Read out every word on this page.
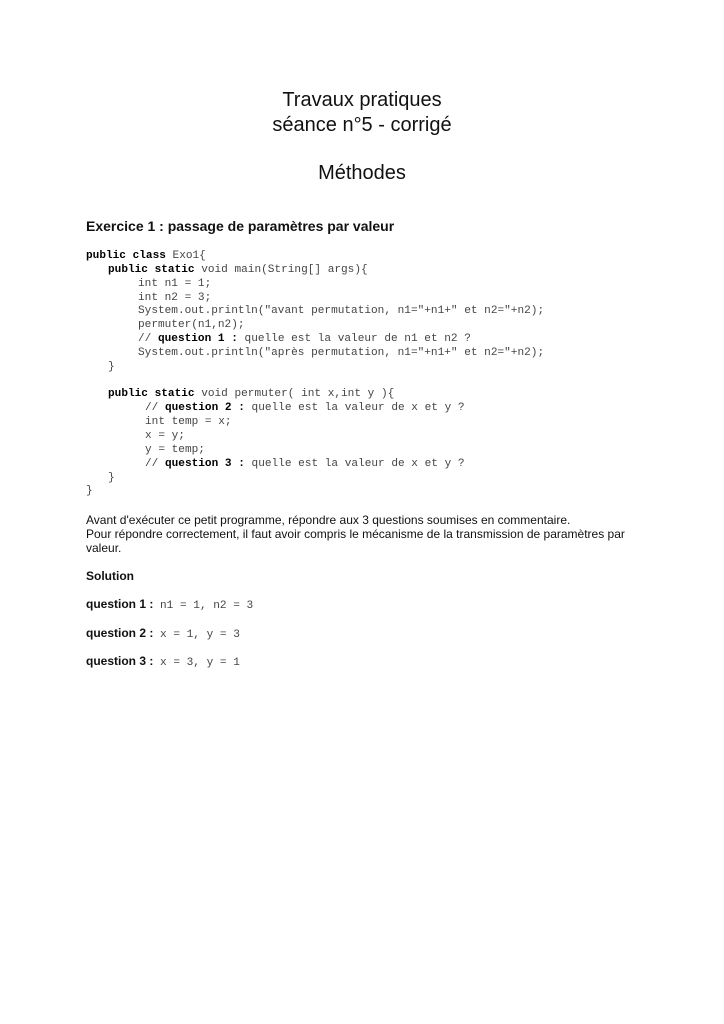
Travaux pratiques
séance n°5 - corrigé
Méthodes
Exercice 1 : passage de paramètres par valeur
public class Exo1{
public static void main(String[] args){
int n1 = 1;
int n2 = 3;
System.out.println("avant permutation, n1="+n1+" et n2="+n2);
permuter(n1,n2);
// question 1 : quelle est la valeur de n1 et n2 ?
System.out.println("après permutation, n1="+n1+" et n2="+n2);
}
public static void permuter( int x,int y ){
// question 2 : quelle est la valeur de x et y ?
int temp = x;
x = y;
y = temp;
// question 3 : quelle est la valeur de x et y ?
}
}
Avant d'exécuter ce petit programme, répondre aux 3 questions soumises en commentaire.
Pour répondre correctement, il faut avoir compris le mécanisme de la transmission de paramètres par valeur.
Solution
question 1 : n1 = 1, n2 = 3
question 2 : x = 1, y = 3
question 3 : x = 3, y = 1
